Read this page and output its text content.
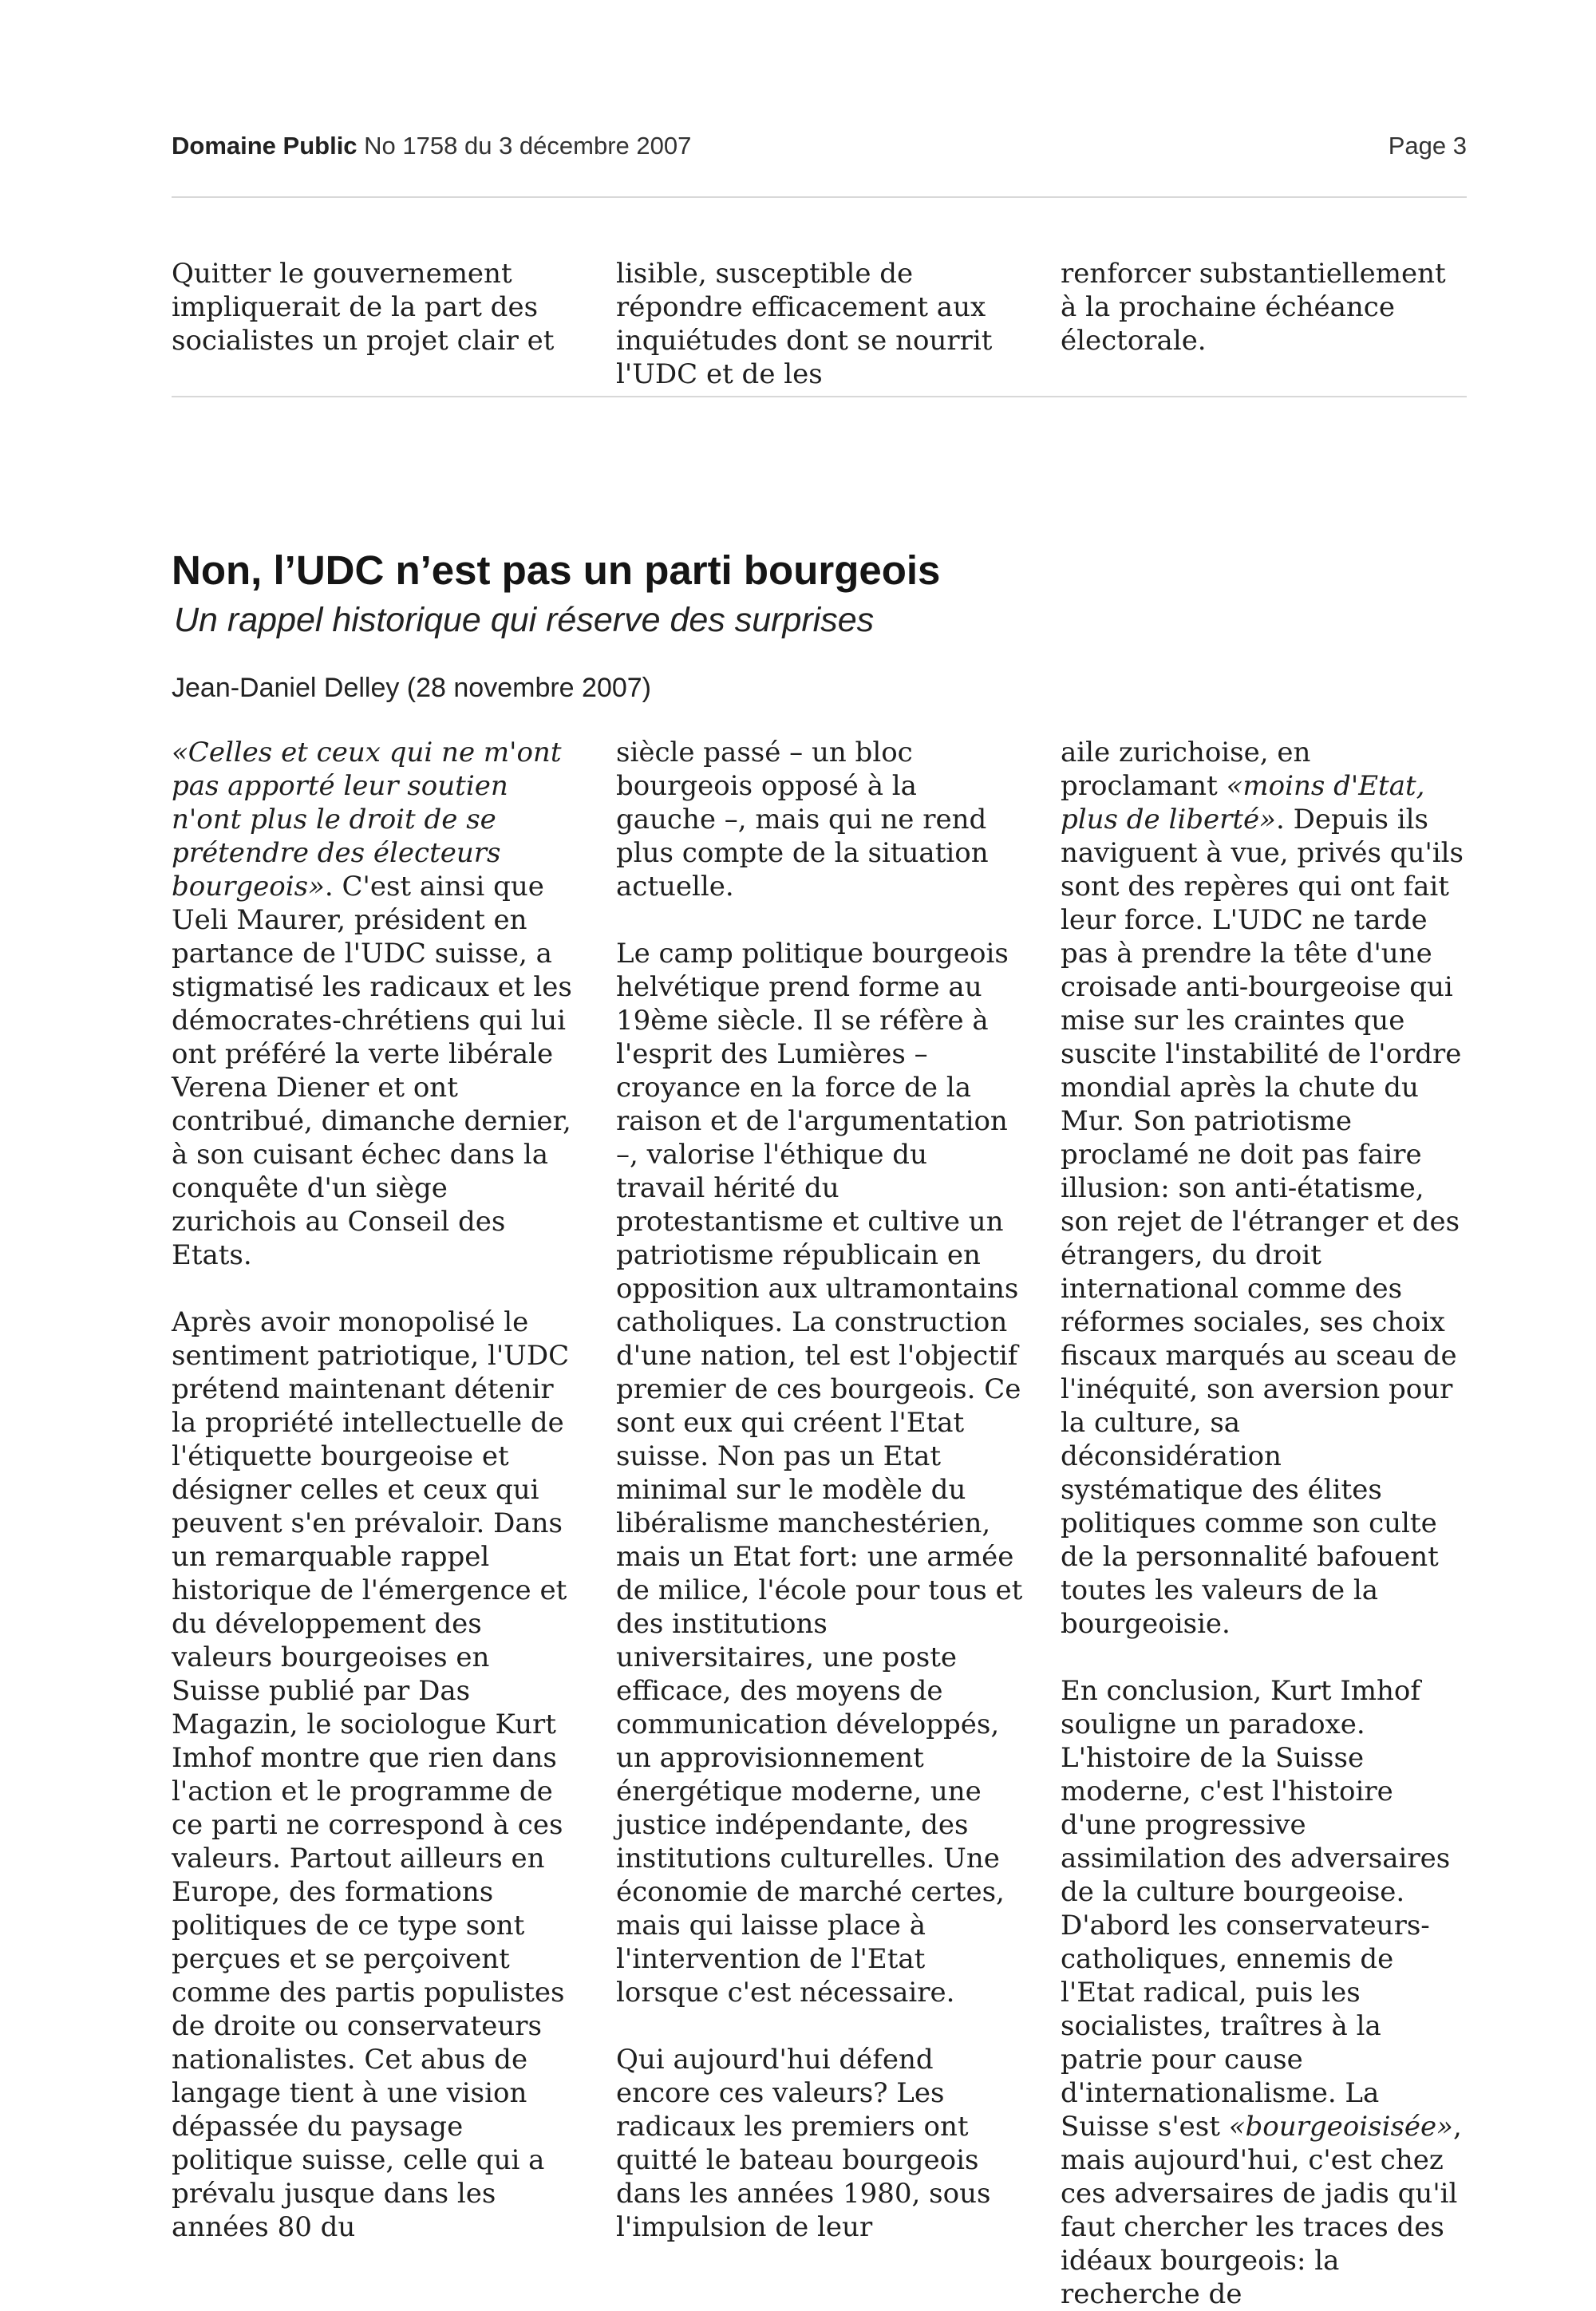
Domaine Public No 1758 du 3 décembre 2007	Page 3

Quitter le gouvernement impliquerait de la part des socialistes un projet clair et

lisible, susceptible de répondre efficacement aux inquiétudes dont se nourrit l'UDC et de les

renforcer substantiellement à la prochaine échéance électorale.

Non, l’UDC n’est pas un parti bourgeois
Un rappel historique qui réserve des surprises
Jean-Daniel Delley (28 novembre 2007)

«Celles et ceux qui ne m'ont pas apporté leur soutien n'ont plus le droit de se prétendre des électeurs bourgeois». C'est ainsi que Ueli Maurer, président en partance de l'UDC suisse, a stigmatisé les radicaux et les démocrates-chrétiens qui lui ont préféré la verte libérale Verena Diener et ont contribué, dimanche dernier, à son cuisant échec dans la conquête d'un siège zurichois au Conseil des Etats.

Après avoir monopolisé le sentiment patriotique, l'UDC prétend maintenant détenir la propriété intellectuelle de l'étiquette bourgeoise et désigner celles et ceux qui peuvent s'en prévaloir. Dans un remarquable rappel historique de l'émergence et du développement des valeurs bourgeoises en Suisse publié par Das Magazin, le sociologue Kurt Imhof montre que rien dans l'action et le programme de ce parti ne correspond à ces valeurs. Partout ailleurs en Europe, des formations politiques de ce type sont perçues et se perçoivent comme des partis populistes de droite ou conservateurs nationalistes. Cet abus de langage tient à une vision dépassée du paysage politique suisse, celle qui a prévalu jusque dans les années 80 du

siècle passé – un bloc bourgeois opposé à la gauche –, mais qui ne rend plus compte de la situation actuelle.

Le camp politique bourgeois helvétique prend forme au 19ème siècle. Il se réfère à l'esprit des Lumières – croyance en la force de la raison et de l'argumentation –, valorise l'éthique du travail hérité du protestantisme et cultive un patriotisme républicain en opposition aux ultramontains catholiques. La construction d'une nation, tel est l'objectif premier de ces bourgeois. Ce sont eux qui créent l'Etat suisse. Non pas un Etat minimal sur le modèle du libéralisme manchestérien, mais un Etat fort: une armée de milice, l'école pour tous et des institutions universitaires, une poste efficace, des moyens de communication développés, un approvisionnement énergétique moderne, une justice indépendante, des institutions culturelles. Une économie de marché certes, mais qui laisse place à l'intervention de l'Etat lorsque c'est nécessaire.

Qui aujourd'hui défend encore ces valeurs? Les radicaux les premiers ont quitté le bateau bourgeois dans les années 1980, sous l'impulsion de leur

aile zurichoise, en proclamant «moins d'Etat, plus de liberté». Depuis ils naviguent à vue, privés qu'ils sont des repères qui ont fait leur force. L'UDC ne tarde pas à prendre la tête d'une croisade anti-bourgeoise qui mise sur les craintes que suscite l'instabilité de l'ordre mondial après la chute du Mur. Son patriotisme proclamé ne doit pas faire illusion: son anti-étatisme, son rejet de l'étranger et des étrangers, du droit international comme des réformes sociales, ses choix fiscaux marqués au sceau de l'inéquité, son aversion pour la culture, sa déconsidération systématique des élites politiques comme son culte de la personnalité bafouent toutes les valeurs de la bourgeoisie.

En conclusion, Kurt Imhof souligne un paradoxe. L'histoire de la Suisse moderne, c'est l'histoire d'une progressive assimilation des adversaires de la culture bourgeoise. D'abord les conservateurs-catholiques, ennemis de l'Etat radical, puis les socialistes, traîtres à la patrie pour cause d'internationalisme. La Suisse s'est «bourgeoisisée», mais aujourd'hui, c'est chez ces adversaires de jadis qu'il faut chercher les traces des idéaux bourgeois: la recherche de
